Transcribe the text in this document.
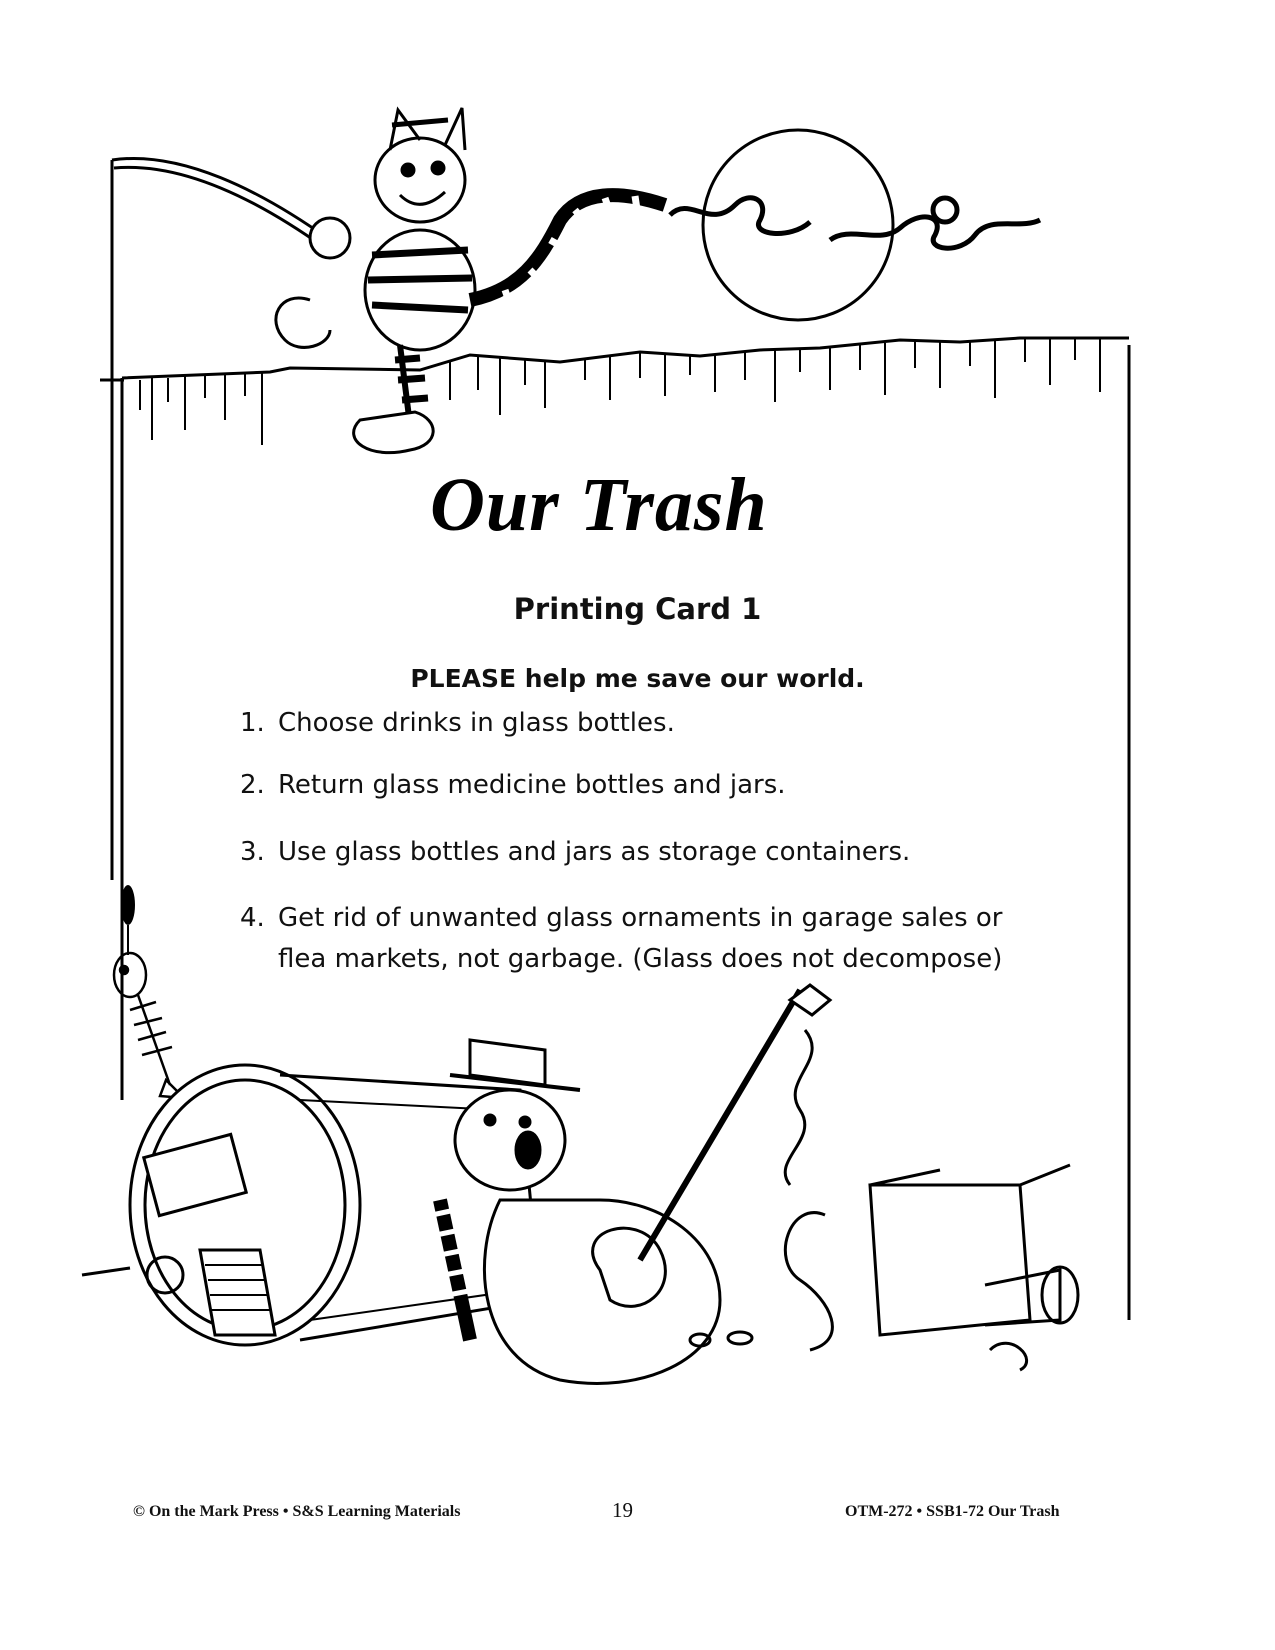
Our Trash
Printing Card 1
PLEASE help me save our world.
1. Choose drinks in glass bottles.
2. Return glass medicine bottles and jars.
3. Use glass bottles and jars as storage containers.
4. Get rid of unwanted glass ornaments in garage sales or flea markets, not garbage. (Glass does not decompose)
© On the Mark Press • S&S Learning Materials	19	OTM-272 • SSB1-72 Our Trash
